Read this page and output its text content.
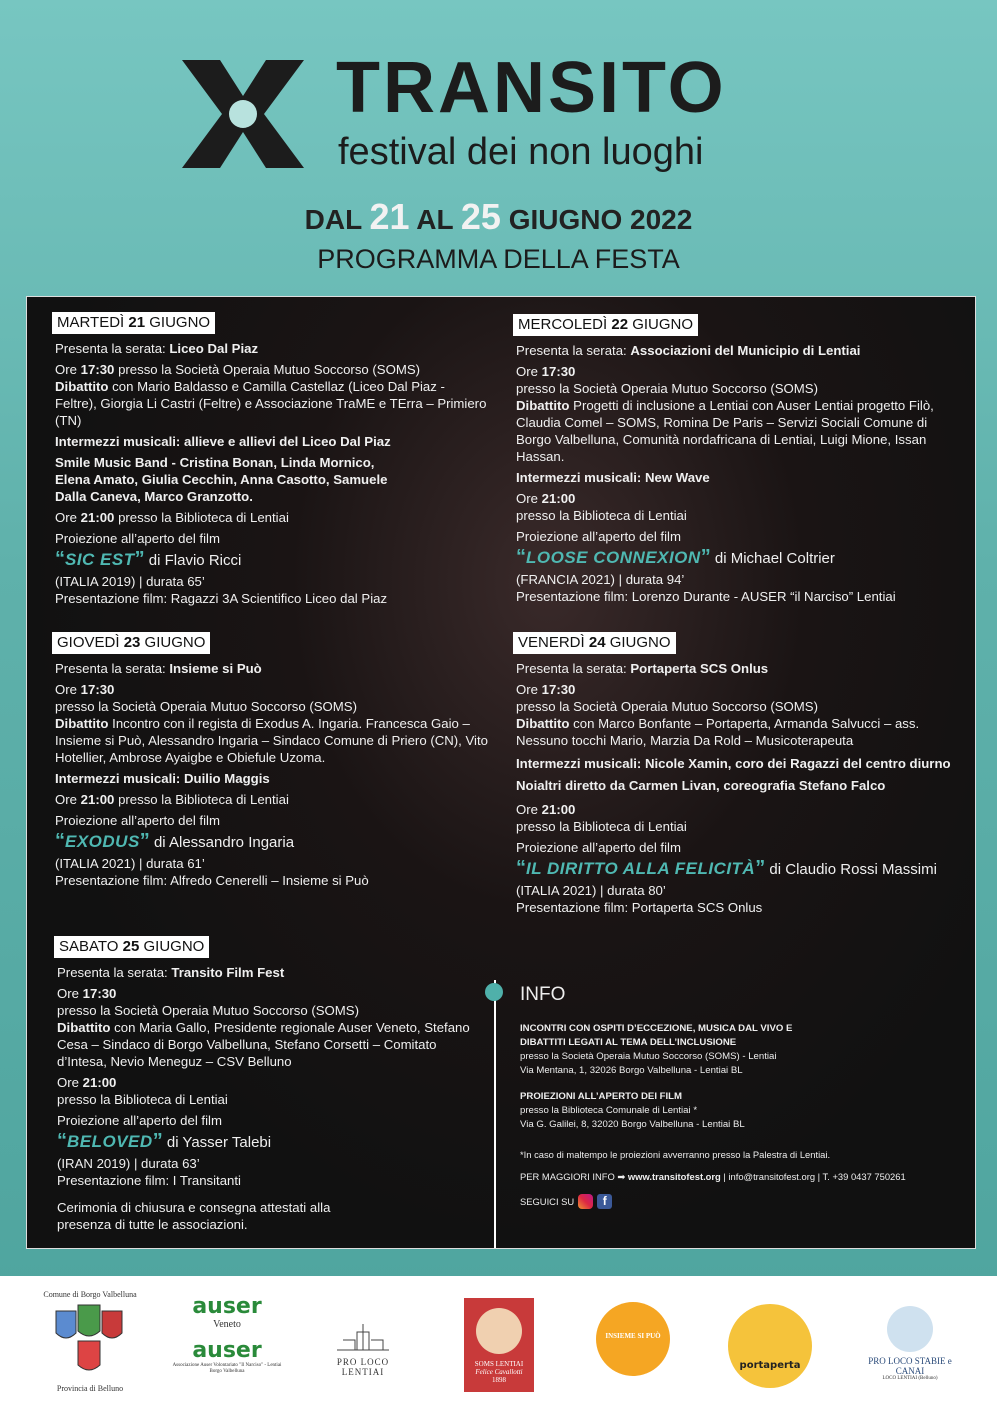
TRANSITO
festival dei non luoghi
DAL 21 AL 25 GIUGNO 2022
PROGRAMMA DELLA FESTA
MARTEDÌ 21 GIUGNO

Presenta la serata: Liceo Dal Piaz

Ore 17:30 presso la Società Operaia Mutuo Soccorso (SOMS)
Dibattito con Mario Baldasso e Camilla Castellaz (Liceo Dal Piaz - Feltre), Giorgia Li Castri (Feltre) e Associazione TraME e TErra – Primiero (TN)

Intermezzi musicali: allieve e allievi del Liceo Dal Piaz

Smile Music Band - Cristina Bonan, Linda Mornico, Elena Amato, Giulia Cecchin, Anna Casotto, Samuele Dalla Caneva, Marco Granzotto.

Ore 21:00 presso la Biblioteca di Lentiai

Proiezione all’aperto del film

“SIC EST” di Flavio Ricci

(ITALIA 2019) | durata 65’

Presentazione film: Ragazzi 3A Scientifico Liceo dal Piaz

MERCOLEDÌ 22 GIUGNO

Presenta la serata: Associazioni del Municipio di Lentiai

Ore 17:30
presso la Società Operaia Mutuo Soccorso (SOMS)
Dibattito Progetti di inclusione a Lentiai con Auser Lentiai progetto Filò, Claudia Comel – SOMS, Romina De Paris – Servizi Sociali Comune di Borgo Valbelluna, Comunità nordafricana di Lentiai, Luigi Mione, Issan Hassan.

Intermezzi musicali: New Wave

Ore 21:00
presso la Biblioteca di Lentiai

Proiezione all’aperto del film

“LOOSE CONNEXION” di Michael Coltrier

(FRANCIA 2021) | durata 94’

Presentazione film: Lorenzo Durante - AUSER “il Narciso” Lentiai

GIOVEDÌ 23 GIUGNO

Presenta la serata: Insieme si Può

Ore 17:30
presso la Società Operaia Mutuo Soccorso (SOMS)
Dibattito Incontro con il regista di Exodus A. Ingaria. Francesca Gaio – Insieme si Può, Alessandro Ingaria – Sindaco Comune di Priero (CN), Vito Hotellier, Ambrose Ayaigbe e Obiefule Uzoma.

Intermezzi musicali: Duilio Maggis

Ore 21:00 presso la Biblioteca di Lentiai

Proiezione all’aperto del film

“EXODUS” di Alessandro Ingaria

(ITALIA 2021) | durata 61’

Presentazione film: Alfredo Cenerelli – Insieme si Può

VENERDÌ 24 GIUGNO

Presenta la serata: Portaperta SCS Onlus

Ore 17:30
presso la Società Operaia Mutuo Soccorso (SOMS)
Dibattito con Marco Bonfante – Portaperta, Armanda Salvucci – ass. Nessuno tocchi Mario, Marzia Da Rold – Musicoterapeuta

Intermezzi musicali: Nicole Xamin, coro dei Ragazzi del centro diurno Noialtri diretto da Carmen Livan, coreografia Stefano Falco

Ore 21:00
presso la Biblioteca di Lentiai

Proiezione all’aperto del film

“IL DIRITTO ALLA FELICITÀ” di Claudio Rossi Massimi

(ITALIA 2021) | durata 80’

Presentazione film: Portaperta SCS Onlus

SABATO 25 GIUGNO

Presenta la serata: Transito Film Fest

Ore 17:30
presso la Società Operaia Mutuo Soccorso (SOMS)
Dibattito con Maria Gallo, Presidente regionale Auser Veneto, Stefano Cesa – Sindaco di Borgo Valbelluna, Stefano Corsetti – Comitato d’Intesa, Nevio Meneguz – CSV Belluno

Ore 21:00
presso la Biblioteca di Lentiai

Proiezione all’aperto del film

“BELOVED” di Yasser Talebi

(IRAN 2019) | durata 63’

Presentazione film: I Transitanti

Cerimonia di chiusura e consegna attestati alla presenza di tutte le associazioni.

INFO
INCONTRI CON OSPITI D’ECCEZIONE, MUSICA DAL VIVO E DIBATTITI LEGATI AL TEMA DELL’INCLUSIONE
presso la Società Operaia Mutuo Soccorso (SOMS) - Lentiai
Via Mentana, 1, 32026 Borgo Valbelluna - Lentiai BL
PROIEZIONI ALL’APERTO DEI FILM
presso la Biblioteca Comunale di Lentiai *
Via G. Galilei, 8, 32020 Borgo Valbelluna - Lentiai BL
*In caso di maltempo le proiezioni avverranno presso la Palestra di Lentiai.
PER MAGGIORI INFO ➡ www.transitofest.org | info@transitofest.org | T. +39 0437 750261
SEGUICI SU	f
Comune di Borgo Valbelluna
Provincia di Belluno
auser
Veneto
auser
Associazione Auser Volontariato "Il Narciso" - Lentiai Borgo Valbelluna
PRO LOCO LENTIAI
SOMS LENTIAI
Felice Cavallotti
1898
INSIEME SI PUÒ
portaperta	PRO LOCO STABIE e CANAI
LOCO LENTIAI (Belluno)
